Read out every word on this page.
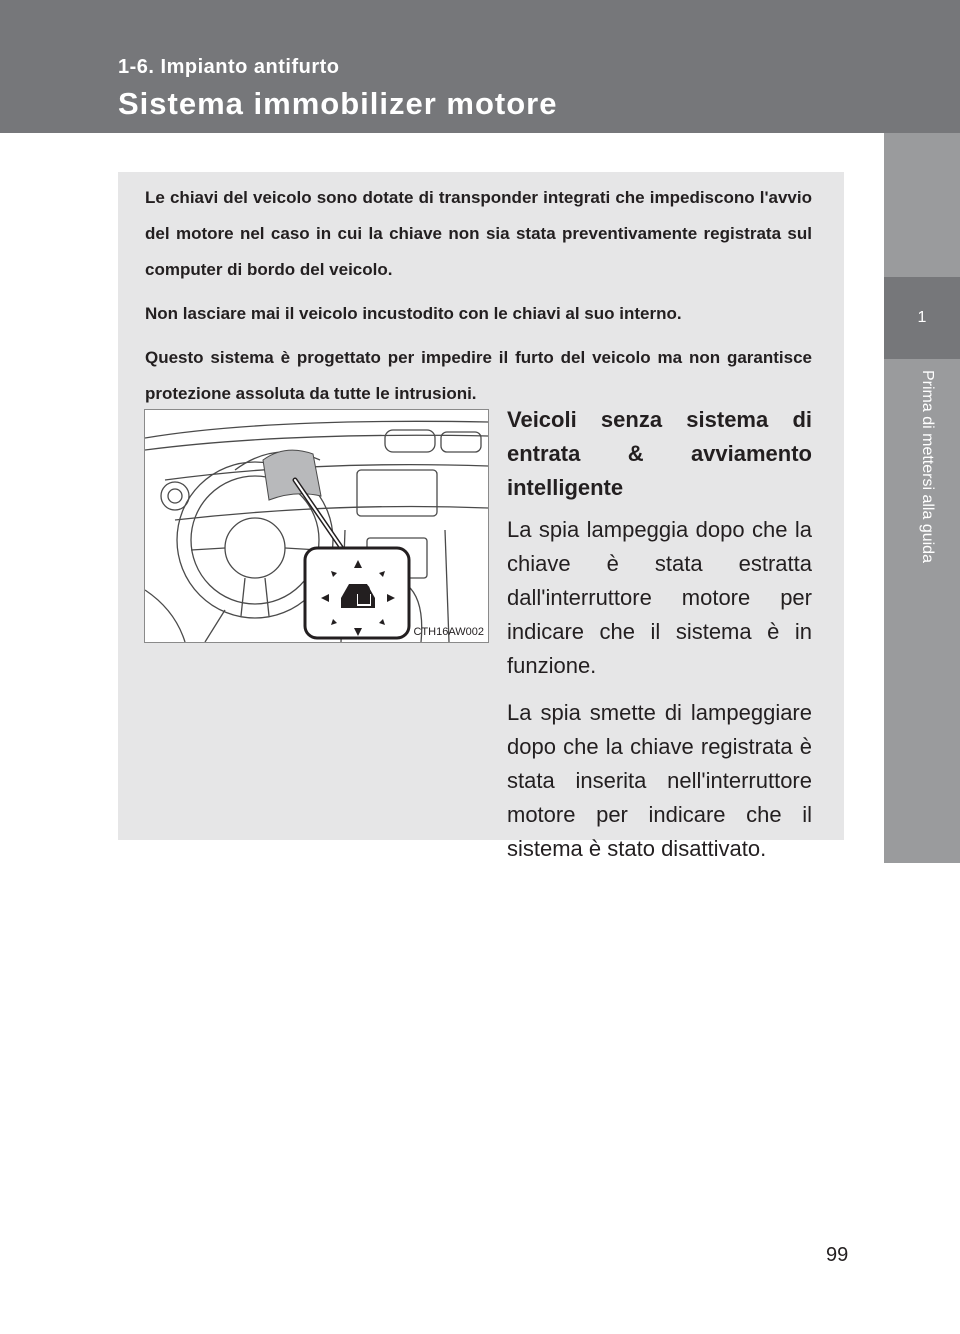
1-6. Impianto antifurto
Sistema immobilizer motore
1
Prima di mettersi alla guida

Le chiavi del veicolo sono dotate di transponder integrati che impediscono l'avvio del motore nel caso in cui la chiave non sia stata preventivamente registrata sul computer di bordo del veicolo.

Non lasciare mai il veicolo incustodito con le chiavi al suo interno.

Questo sistema è progettato per impedire il furto del veicolo ma non garantisce protezione assoluta da tutte le intrusioni.

CTH16AW002

Veicoli senza sistema di entrata & avviamento intelligente

La spia lampeggia dopo che la chiave è stata estratta dall'interruttore motore per indicare che il sistema è in funzione.

La spia smette di lampeggiare dopo che la chiave registrata è stata inserita nell'interruttore motore per indicare che il sistema è stato disattivato.

99
